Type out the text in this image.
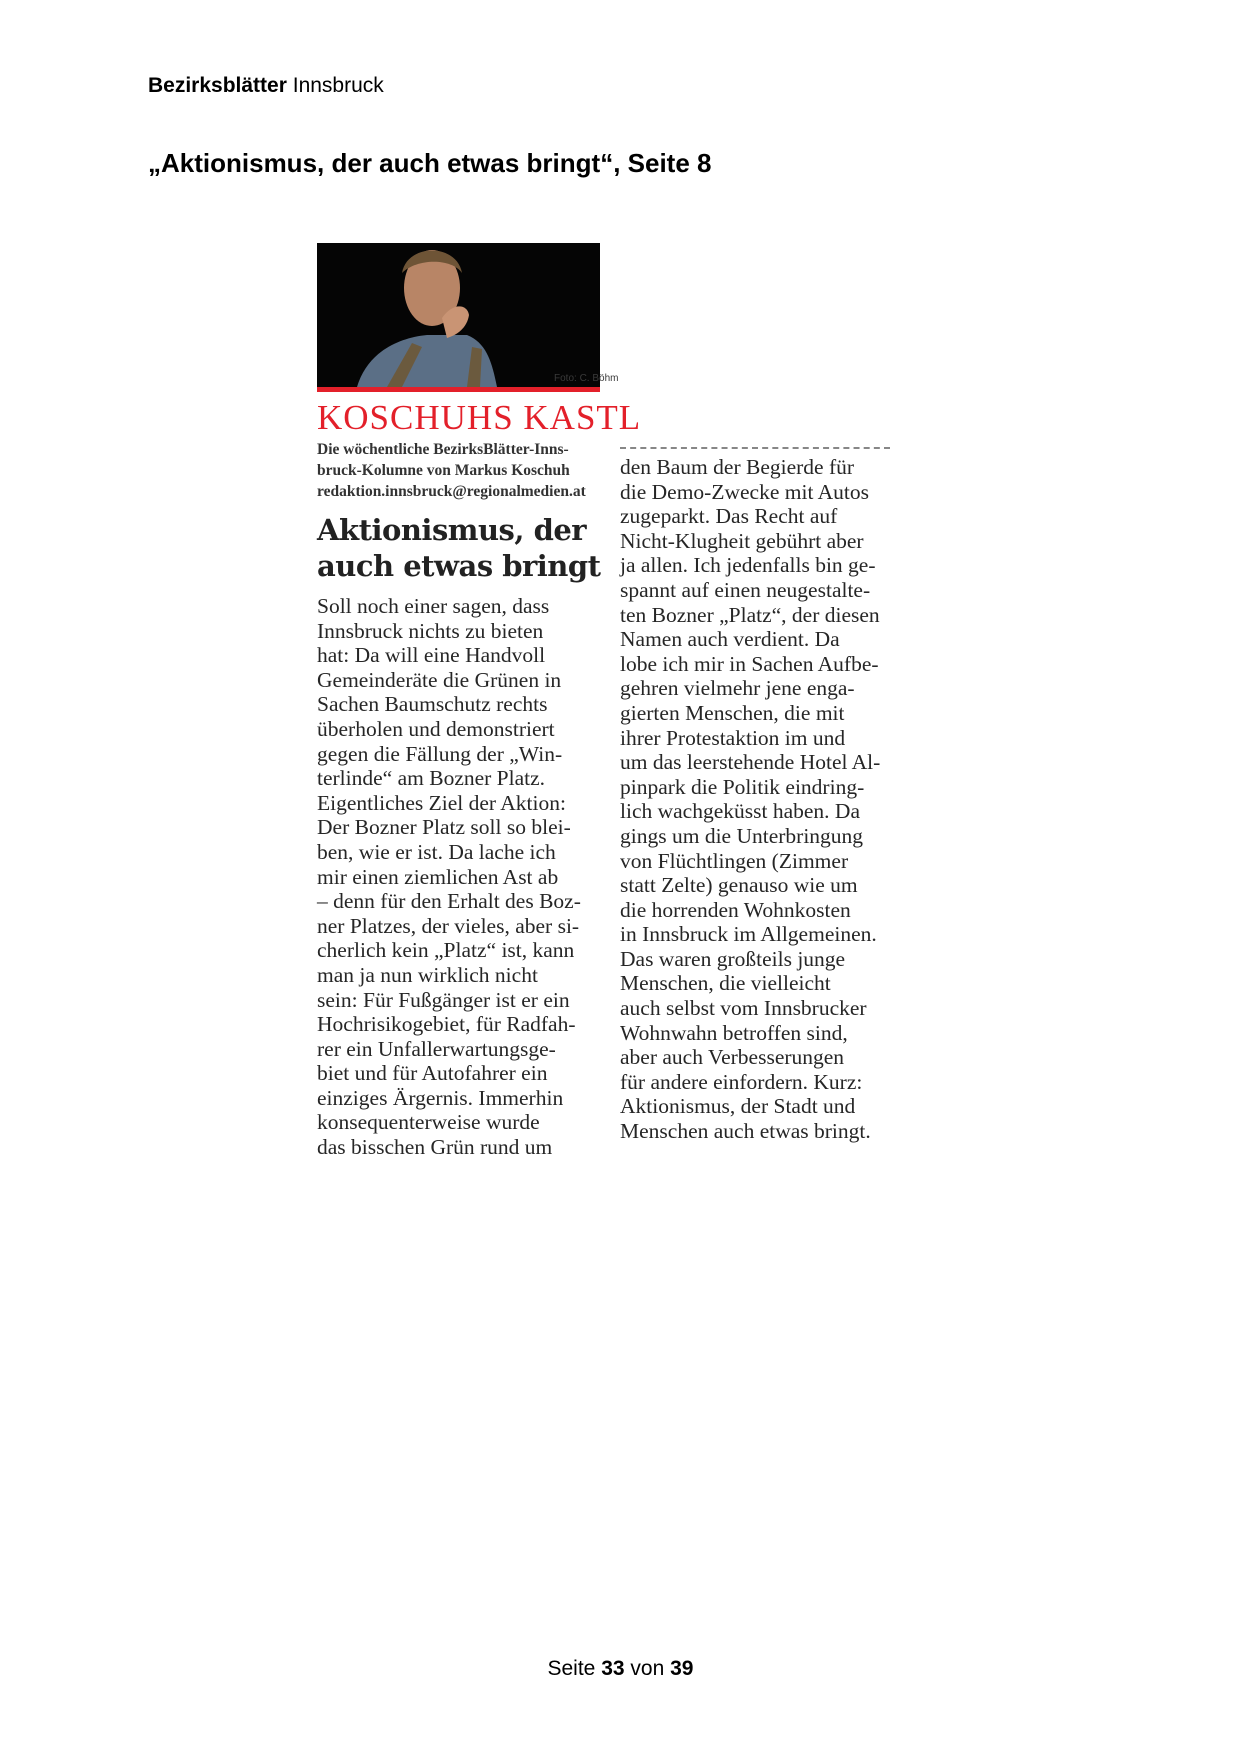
Bezirksblätter Innsbruck
„Aktionismus, der auch etwas bringt“, Seite 8
Foto: C. Böhm
KOSCHUHS KASTL
Die wöchentliche BezirksBlätter-Inns-
bruck-Kolumne von Markus Koschuh
redaktion.innsbruck@regionalmedien.at
Aktionismus, der
auch etwas bringt
Soll noch einer sagen, dass
Innsbruck nichts zu bieten
hat: Da will eine Handvoll
Gemeinderäte die Grünen in
Sachen Baumschutz rechts
überholen und demonstriert
gegen die Fällung der „Win-
terlinde“ am Bozner Platz.
Eigentliches Ziel der Aktion:
Der Bozner Platz soll so blei-
ben, wie er ist. Da lache ich
mir einen ziemlichen Ast ab
– denn für den Erhalt des Boz-
ner Platzes, der vieles, aber si-
cherlich kein „Platz“ ist, kann
man ja nun wirklich nicht
sein: Für Fußgänger ist er ein
Hochrisikogebiet, für Radfah-
rer ein Unfallerwartungsge-
biet und für Autofahrer ein
einziges Ärgernis. Immerhin
konsequenterweise wurde
das bisschen Grün rund um
den Baum der Begierde für
die Demo-Zwecke mit Autos
zugeparkt. Das Recht auf
Nicht-Klugheit gebührt aber
ja allen. Ich jedenfalls bin ge-
spannt auf einen neugestalte-
ten Bozner „Platz“, der diesen
Namen auch verdient. Da
lobe ich mir in Sachen Aufbe-
gehren vielmehr jene enga-
gierten Menschen, die mit
ihrer Protestaktion im und
um das leerstehende Hotel Al-
pinpark die Politik eindring-
lich wachgeküsst haben. Da
gings um die Unterbringung
von Flüchtlingen (Zimmer
statt Zelte) genauso wie um
die horrenden Wohnkosten
in Innsbruck im Allgemeinen.
Das waren großteils junge
Menschen, die vielleicht
auch selbst vom Innsbrucker
Wohnwahn betroffen sind,
aber auch Verbesserungen
für andere einfordern. Kurz:
Aktionismus, der Stadt und
Menschen auch etwas bringt.
Seite 33 von 39
